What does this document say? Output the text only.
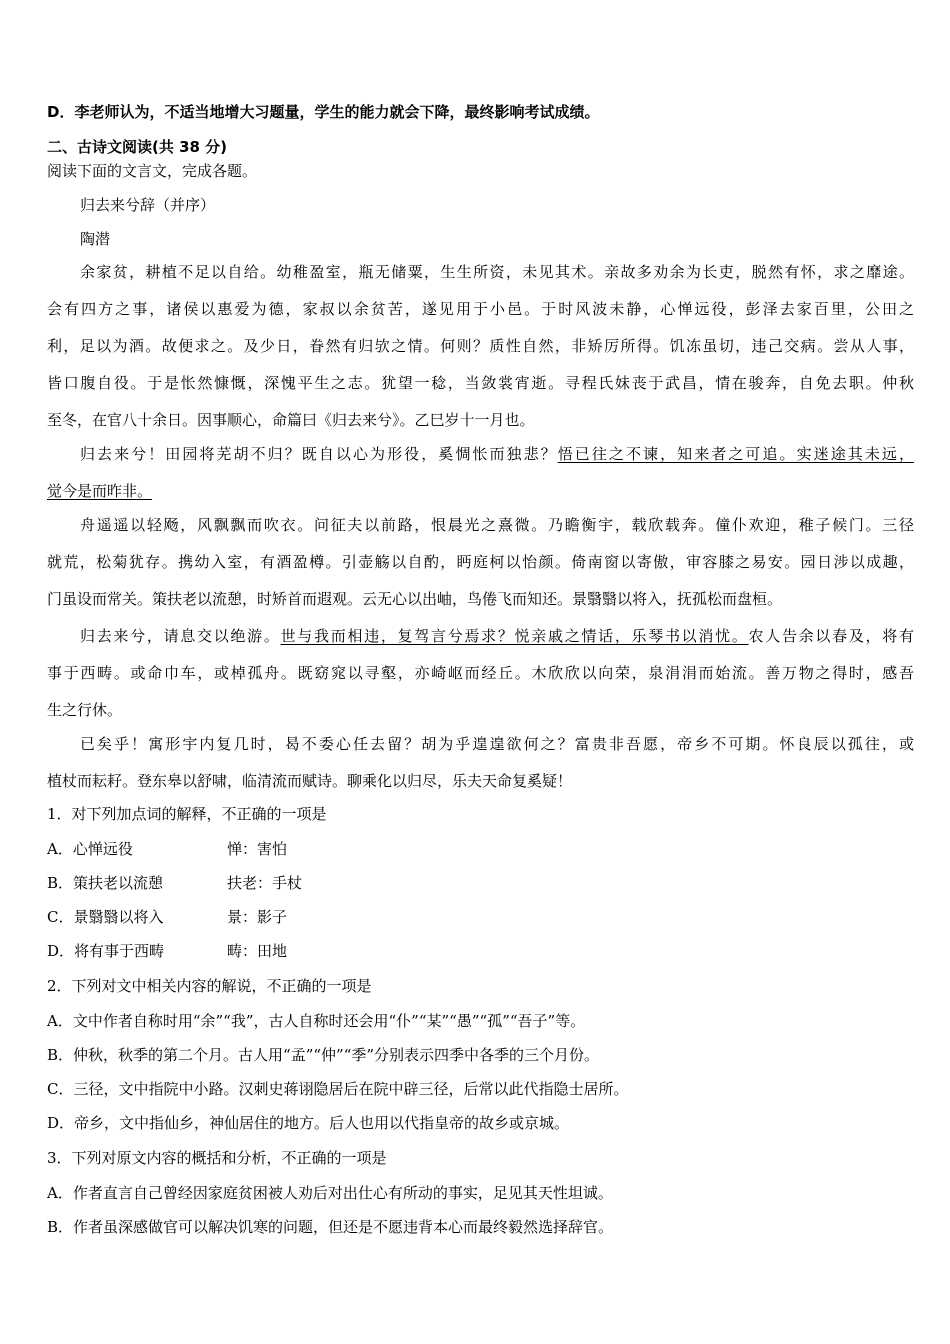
D．李老师认为，不适当地增大习题量，学生的能力就会下降，最终影响考试成绩。
二、古诗文阅读(共 38 分)
阅读下面的文言文，完成各题。
归去来兮辞（并序）
陶潜
余家贫，耕植不足以自给。幼稚盈室，瓶无储粟，生生所资，未见其术。亲故多劝余为长吏，脱然有怀，求之靡途。
会有四方之事，诸侯以惠爱为德，家叔以余贫苦，遂见用于小邑。于时风波未静，心惮远役，彭泽去家百里，公田之
利，足以为酒。故便求之。及少日，眷然有归欤之情。何则？质性自然，非矫厉所得。饥冻虽切，违己交病。尝从人事，
皆口腹自役。于是怅然慷慨，深愧平生之志。犹望一稔，当敛裳宵逝。寻程氏妹丧于武昌，情在骏奔，自免去职。仲秋
至冬，在官八十余日。因事顺心，命篇曰《归去来兮》。乙巳岁十一月也。
归去来兮！田园将芜胡不归？既自以心为形役，奚惆怅而独悲？悟已往之不谏，知来者之可追。实迷途其未远，
觉今是而昨非。
舟遥遥以轻飏，风飘飘而吹衣。问征夫以前路，恨晨光之熹微。乃瞻衡宇，载欣载奔。僮仆欢迎，稚子候门。三径
就荒，松菊犹存。携幼入室，有酒盈樽。引壶觞以自酌，眄庭柯以怡颜。倚南窗以寄傲，审容膝之易安。园日涉以成趣，
门虽设而常关。策扶老以流憩，时矫首而遐观。云无心以出岫，鸟倦飞而知还。景翳翳以将入，抚孤松而盘桓。
归去来兮，请息交以绝游。世与我而相违，复驾言兮焉求？悦亲戚之情话，乐琴书以消忧。农人告余以春及，将有
事于西畴。或命巾车，或棹孤舟。既窈窕以寻壑，亦崎岖而经丘。木欣欣以向荣，泉涓涓而始流。善万物之得时，感吾
生之行休。
已矣乎！寓形宇内复几时，曷不委心任去留？胡为乎遑遑欲何之？富贵非吾愿，帝乡不可期。怀良辰以孤往，或
植杖而耘耔。登东皋以舒啸，临清流而赋诗。聊乘化以归尽，乐夫天命复奚疑！
1．对下列加点词的解释，不正确的一项是
A．心惮远役	惮：害怕
B．策扶老以流憩	扶老：手杖
C．景翳翳以将入	景：影子
D．将有事于西畴	畴：田地
2．下列对文中相关内容的解说，不正确的一项是
A．文中作者自称时用“余”“我”，古人自称时还会用“仆”“某”“愚”“孤”“吾子”等。
B．仲秋，秋季的第二个月。古人用“孟”“仲”“季”分别表示四季中各季的三个月份。
C．三径，文中指院中小路。汉刺史蒋诩隐居后在院中辟三径，后常以此代指隐士居所。
D．帝乡，文中指仙乡，神仙居住的地方。后人也用以代指皇帝的故乡或京城。
3．下列对原文内容的概括和分析，不正确的一项是
A．作者直言自己曾经因家庭贫困被人劝后对出仕心有所动的事实，足见其天性坦诚。
B．作者虽深感做官可以解决饥寒的问题，但还是不愿违背本心而最终毅然选择辞官。
